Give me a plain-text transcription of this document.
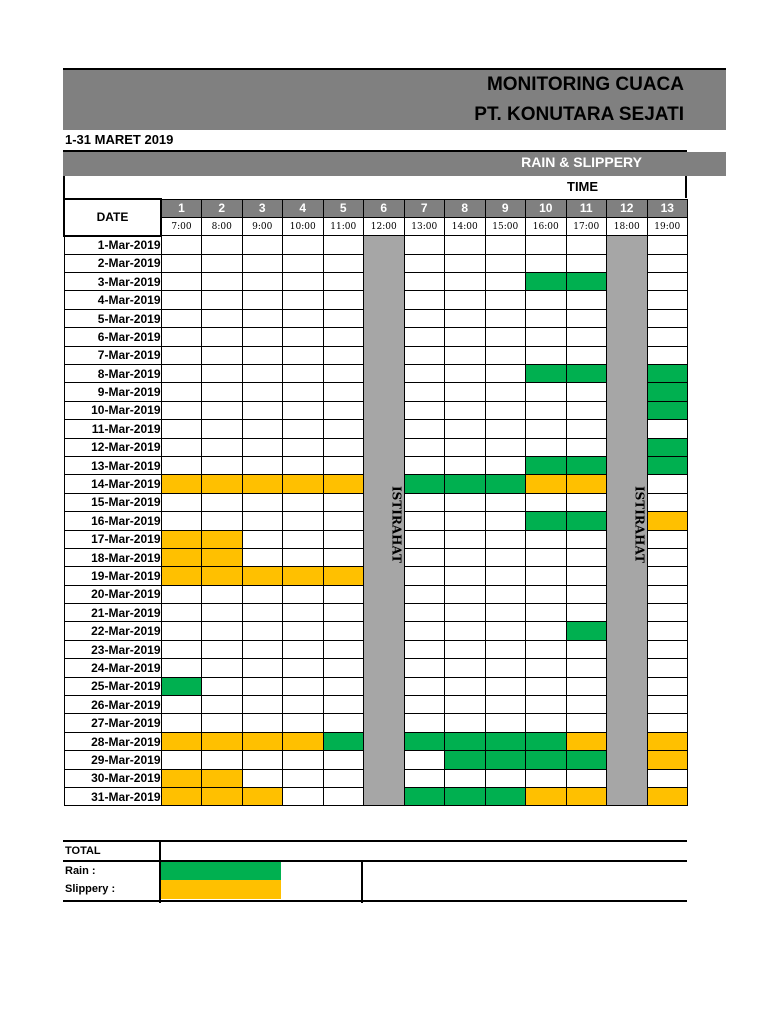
MONITORING CUACA
PT. KONUTARA SEJATI
1-31 MARET 2019
RAIN & SLIPPERY
TIME
DATE	1	2	3	4	5	6	7	8	9	10	11	12	13
	7:00	8:00	9:00	10:00	11:00	12:00	13:00	14:00	15:00	16:00	17:00	18:00	19:00
1-Mar-2019						ISTIRAHAT						ISTIRAHAT	

2-Mar-2019													
3-Mar-2019													
4-Mar-2019													
5-Mar-2019													
6-Mar-2019													
7-Mar-2019													
8-Mar-2019													
9-Mar-2019													
10-Mar-2019													
11-Mar-2019													
12-Mar-2019													
13-Mar-2019													
14-Mar-2019													
15-Mar-2019													
16-Mar-2019													
17-Mar-2019													
18-Mar-2019													
19-Mar-2019													
20-Mar-2019													
21-Mar-2019													
22-Mar-2019													
23-Mar-2019													
24-Mar-2019													
25-Mar-2019													
26-Mar-2019													
27-Mar-2019													
28-Mar-2019													
29-Mar-2019													
30-Mar-2019													
31-Mar-2019													
TOTAL
Rain :
Slippery :
